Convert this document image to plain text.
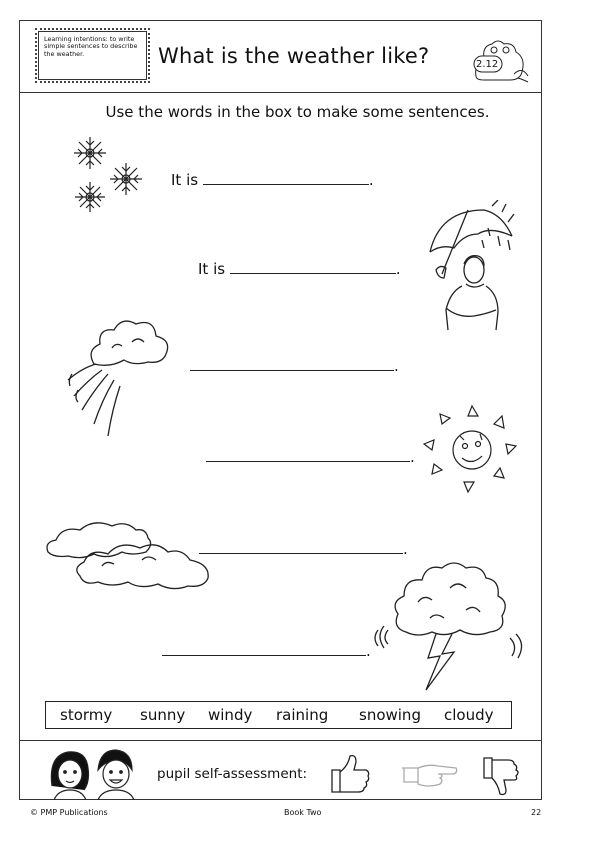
Learning intentions: to write simple sentences to describe the weather.	What is the weather like?	2.12
Use the words in the box to make some sentences.
It is	.
It is	.
.
.
.
.
stormy sunny windy raining snowing cloudy
pupil self-assessment:
© PMP Publications	Book Two	22
